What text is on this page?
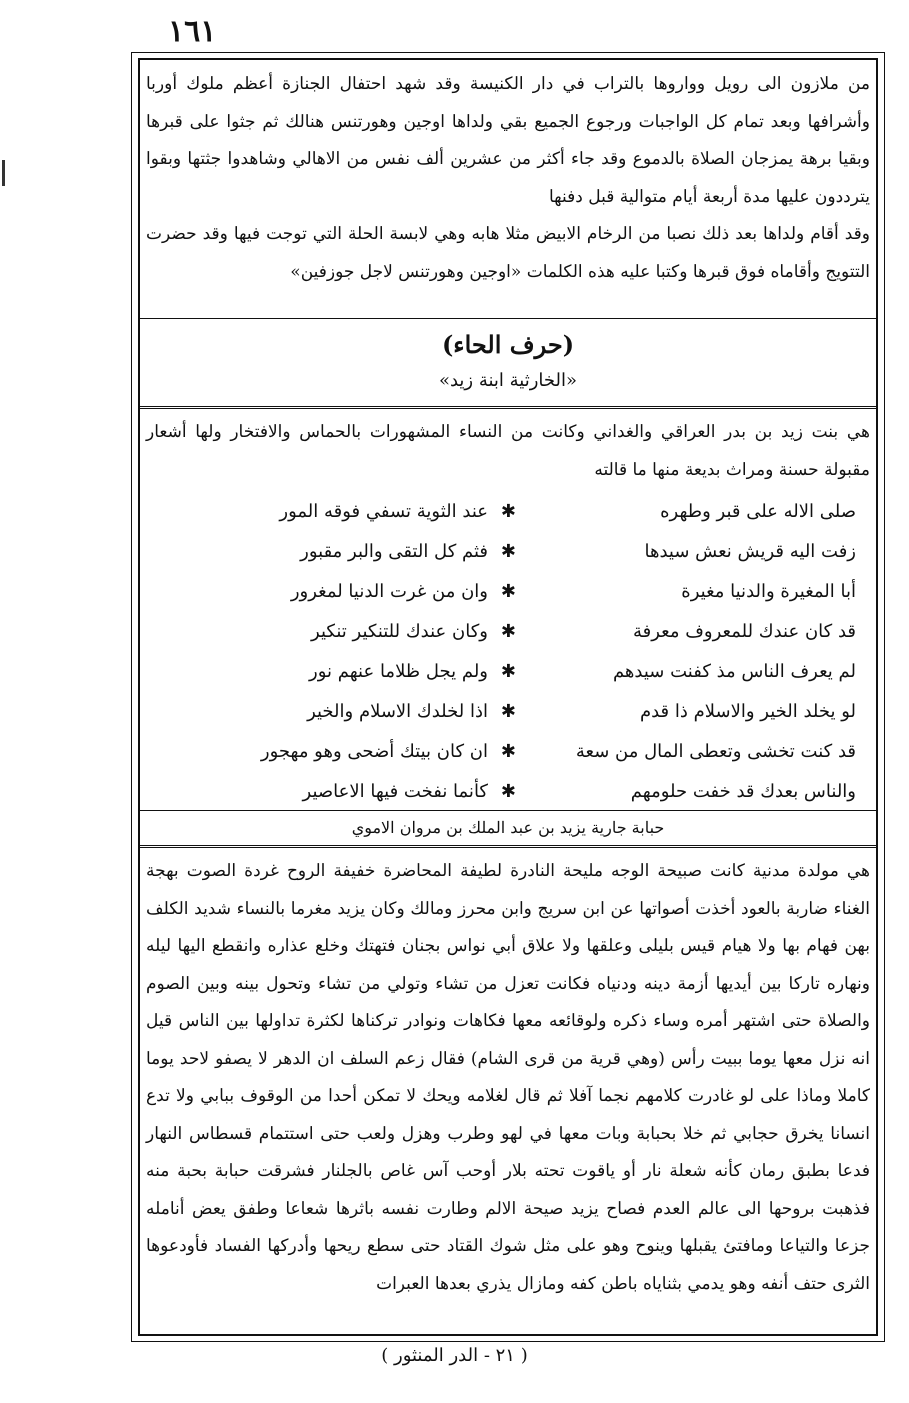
١٦١

من ملازون الى رويل وواروها بالتراب في دار الكنيسة وقد شهد احتفال الجنازة أعظم ملوك أوربا وأشرافها وبعد تمام كل الواجبات ورجوع الجميع بقي ولداها اوجين وهورتنس هنالك ثم جثوا على قبرها وبقيا برهة يمزجان الصلاة بالدموع وقد جاء أكثر من عشرين ألف نفس من الاهالي وشاهدوا جثتها وبقوا يترددون عليها مدة أربعة أيام متوالية قبل دفنها

وقد أقام ولداها بعد ذلك نصبا من الرخام الابيض مثلا هابه وهي لابسة الحلة التي توجت فيها وقد حضرت التتويج وأقاماه فوق قبرها وكتبا عليه هذه الكلمات «اوجين وهورتنس لاجل جوزفين»

(حرف الحاء)
«الخارثية ابنة زيد»
هي بنت زيد بن بدر العراقي والغداني وكانت من النساء المشهورات بالحماس والافتخار ولها أشعار مقبولة حسنة ومراث بديعة منها ما قالته
صلى الاله على قبر وطهره
✱
عند الثوية تسفي فوقه المور
زفت اليه قريش نعش سيدها
✱
فثم كل التقى والبر مقبور
أبا المغيرة والدنيا مغيرة
✱
وان من غرت الدنيا لمغرور
قد كان عندك للمعروف معرفة
✱
وكان عندك للتنكير تنكير
لم يعرف الناس مذ كفنت سيدهم
✱
ولم يجل ظلاما عنهم نور
لو يخلد الخير والاسلام ذا قدم
✱
اذا لخلدك الاسلام والخير
قد كنت تخشى وتعطى المال من سعة
✱
ان كان بيتك أضحى وهو مهجور
والناس بعدك قد خفت حلومهم
✱
كأنما نفخت فيها الاعاصير
حبابة جارية يزيد بن عبد الملك بن مروان الاموي
هي مولدة مدنية كانت صبيحة الوجه مليحة النادرة لطيفة المحاضرة خفيفة الروح غردة الصوت بهجة الغناء ضاربة بالعود أخذت أصواتها عن ابن سريج وابن محرز ومالك وكان يزيد مغرما بالنساء شديد الكلف بهن فهام بها ولا هيام قيس بليلى وعلقها ولا علاق أبي نواس بجنان فتهتك وخلع عذاره وانقطع اليها ليله ونهاره تاركا بين أيديها أزمة دينه ودنياه فكانت تعزل من تشاء وتولي من تشاء وتحول بينه وبين الصوم والصلاة حتى اشتهر أمره وساء ذكره ولوقائعه معها فكاهات ونوادر تركناها لكثرة تداولها بين الناس قيل انه نزل معها يوما ببيت رأس (وهي قرية من قرى الشام) فقال زعم السلف ان الدهر لا يصفو لاحد يوما كاملا وماذا على لو غادرت كلامهم نجما آفلا ثم قال لغلامه ويحك لا تمكن أحدا من الوقوف ببابي ولا تدع انسانا يخرق حجابي ثم خلا بحبابة وبات معها في لهو وطرب وهزل ولعب حتى استتمام قسطاس النهار فدعا بطبق رمان كأنه شعلة نار أو ياقوت تحته بلار أوحب آس غاص بالجلنار فشرقت حبابة بحبة منه فذهبت بروحها الى عالم العدم فصاح يزيد صيحة الالم وطارت نفسه باثرها شعاعا وطفق يعض أنامله جزعا والتياعا ومافتئ يقبلها وينوح وهو على مثل شوك القتاد حتى سطع ريحها وأدركها الفساد فأودعوها الثرى حتف أنفه وهو يدمي بثناياه باطن كفه ومازال يذري بعدها العبرات
( ٢١ - الدر المنثور )
